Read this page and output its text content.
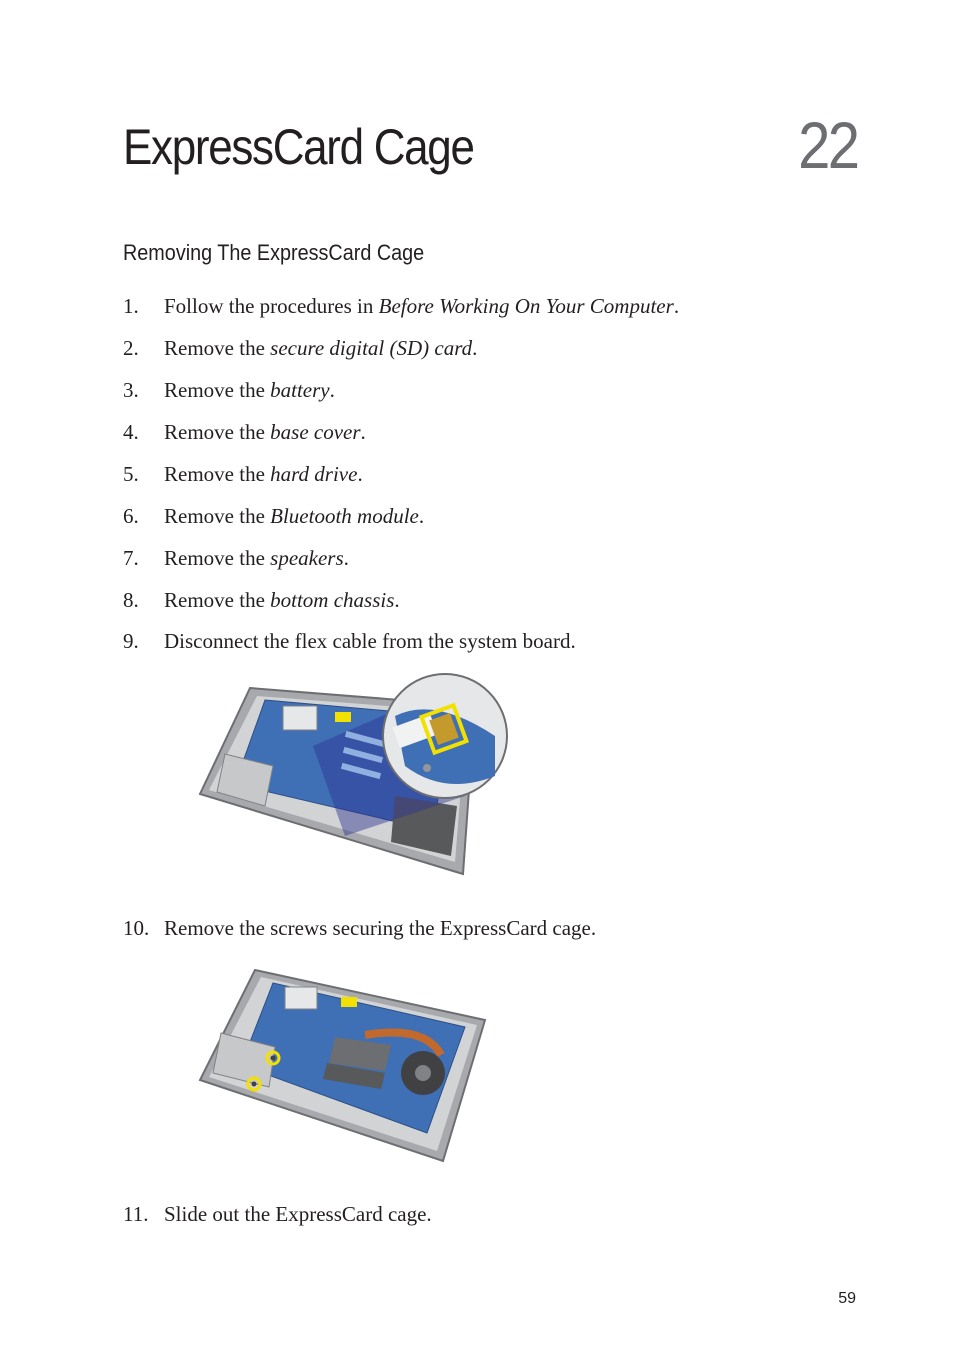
ExpressCard Cage	22
Removing The ExpressCard Cage
1. Follow the procedures in Before Working On Your Computer.
2. Remove the secure digital (SD) card.
3. Remove the battery.
4. Remove the base cover.
5. Remove the hard drive.
6. Remove the Bluetooth module.
7. Remove the speakers.
8. Remove the bottom chassis.
9. Disconnect the flex cable from the system board.
10. Remove the screws securing the ExpressCard cage.
11. Slide out the ExpressCard cage.
59
